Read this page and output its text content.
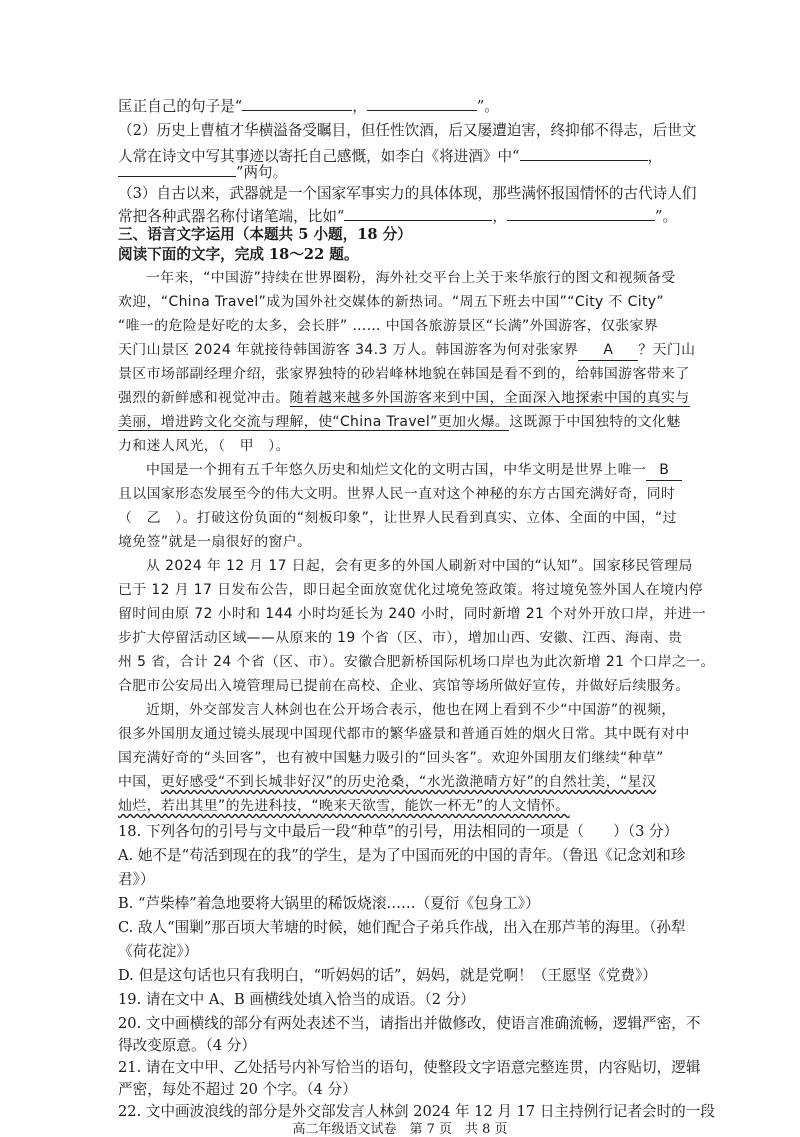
匡正自己的句子是“	，	”。
（2）历史上曹植才华横溢备受瞩目，但任性饮酒，后又屡遭迫害，终抑郁不得志，后世文
人常在诗文中写其事迹以寄托自己感慨，如李白《将进酒》中“	，
”两句。
（3）自古以来，武器就是一个国家军事实力的具体体现，那些满怀报国情怀的古代诗人们
常把各种武器名称付诸笔端，比如“	，	”。
三、语言文字运用（本题共 5 小题，18 分）
阅读下面的文字，完成 18～22 题。
一年来，“中国游”持续在世界圈粉，海外社交平台上关于来华旅行的图文和视频备受
欢迎，“China Travel”成为国外社交媒体的新热词。“周五下班去中国”“City 不 City”
“唯一的危险是好吃的太多，会长胖” …… 中国各旅游景区“长满”外国游客，仅张家界
天门山景区 2024 年就接待韩国游客 34.3 万人。韩国游客为何对张家界 A ？天门山
景区市场部副经理介绍，张家界独特的砂岩峰林地貌在韩国是看不到的，给韩国游客带来了
强烈的新鲜感和视觉冲击。随着越来越多外国游客来到中国，全面深入地探索中国的真实与
美丽，增进跨文化交流与理解，使“China Travel”更加火爆。这既源于中国独特的文化魅
力和迷人风光，（　甲　）。
中国是一个拥有五千年悠久历史和灿烂文化的文明古国，中华文明是世界上唯一 B
且以国家形态发展至今的伟大文明。世界人民一直对这个神秘的东方古国充满好奇，同时
（　乙　）。打破这份负面的“刻板印象”，让世界人民看到真实、立体、全面的中国，“过
境免签”就是一扇很好的窗户。
从 2024 年 12 月 17 日起，会有更多的外国人刷新对中国的“认知”。国家移民管理局
已于 12 月 17 日发布公告，即日起全面放宽优化过境免签政策。将过境免签外国人在境内停
留时间由原 72 小时和 144 小时均延长为 240 小时，同时新增 21 个对外开放口岸，并进一
步扩大停留活动区域——从原来的 19 个省（区、市），增加山西、安徽、江西、海南、贵
州 5 省，合计 24 个省（区、市）。安徽合肥新桥国际机场口岸也为此次新增 21 个口岸之一。
合肥市公安局出入境管理局已提前在高校、企业、宾馆等场所做好宣传，并做好后续服务。
近期，外交部发言人林剑也在公开场合表示，他也在网上看到不少“中国游”的视频，
很多外国朋友通过镜头展现中国现代都市的繁华盛景和普通百姓的烟火日常。其中既有对中
国充满好奇的“头回客”，也有被中国魅力吸引的“回头客”。欢迎外国朋友们继续“种草”
中国，更好感受“不到长城非好汉”的历史沧桑，“水光潋滟晴方好”的自然壮美，“星汉
灿烂，若出其里”的先进科技，“晚来天欲雪，能饮一杯无”的人文情怀。
18. 下列各句的引号与文中最后一段“种草”的引号，用法相同的一项是（　　）（3 分）
A. 她不是“苟活到现在的我”的学生，是为了中国而死的中国的青年。（鲁迅《记念刘和珍
君》）
B. “芦柴棒”着急地要将大锅里的稀饭烧滚……（夏衍《包身工》）
C. 敌人“围剿”那百顷大苇塘的时候，她们配合子弟兵作战，出入在那芦苇的海里。（孙犁
《荷花淀》）
D. 但是这句话也只有我明白，“听妈妈的话”，妈妈，就是党啊！（王愿坚《党费》）
19. 请在文中 A、B 画横线处填入恰当的成语。（2 分）
20. 文中画横线的部分有两处表述不当，请指出并做修改，使语言准确流畅，逻辑严密，不
得改变原意。（4 分）
21. 请在文中甲、乙处括号内补写恰当的语句，使整段文字语意完整连贯，内容贴切，逻辑
严密，每处不超过 20 个字。（4 分）
22. 文中画波浪线的部分是外交部发言人林剑 2024 年 12 月 17 日主持例行记者会时的一段
高二年级语文试卷　第 7 页　共 8 页
